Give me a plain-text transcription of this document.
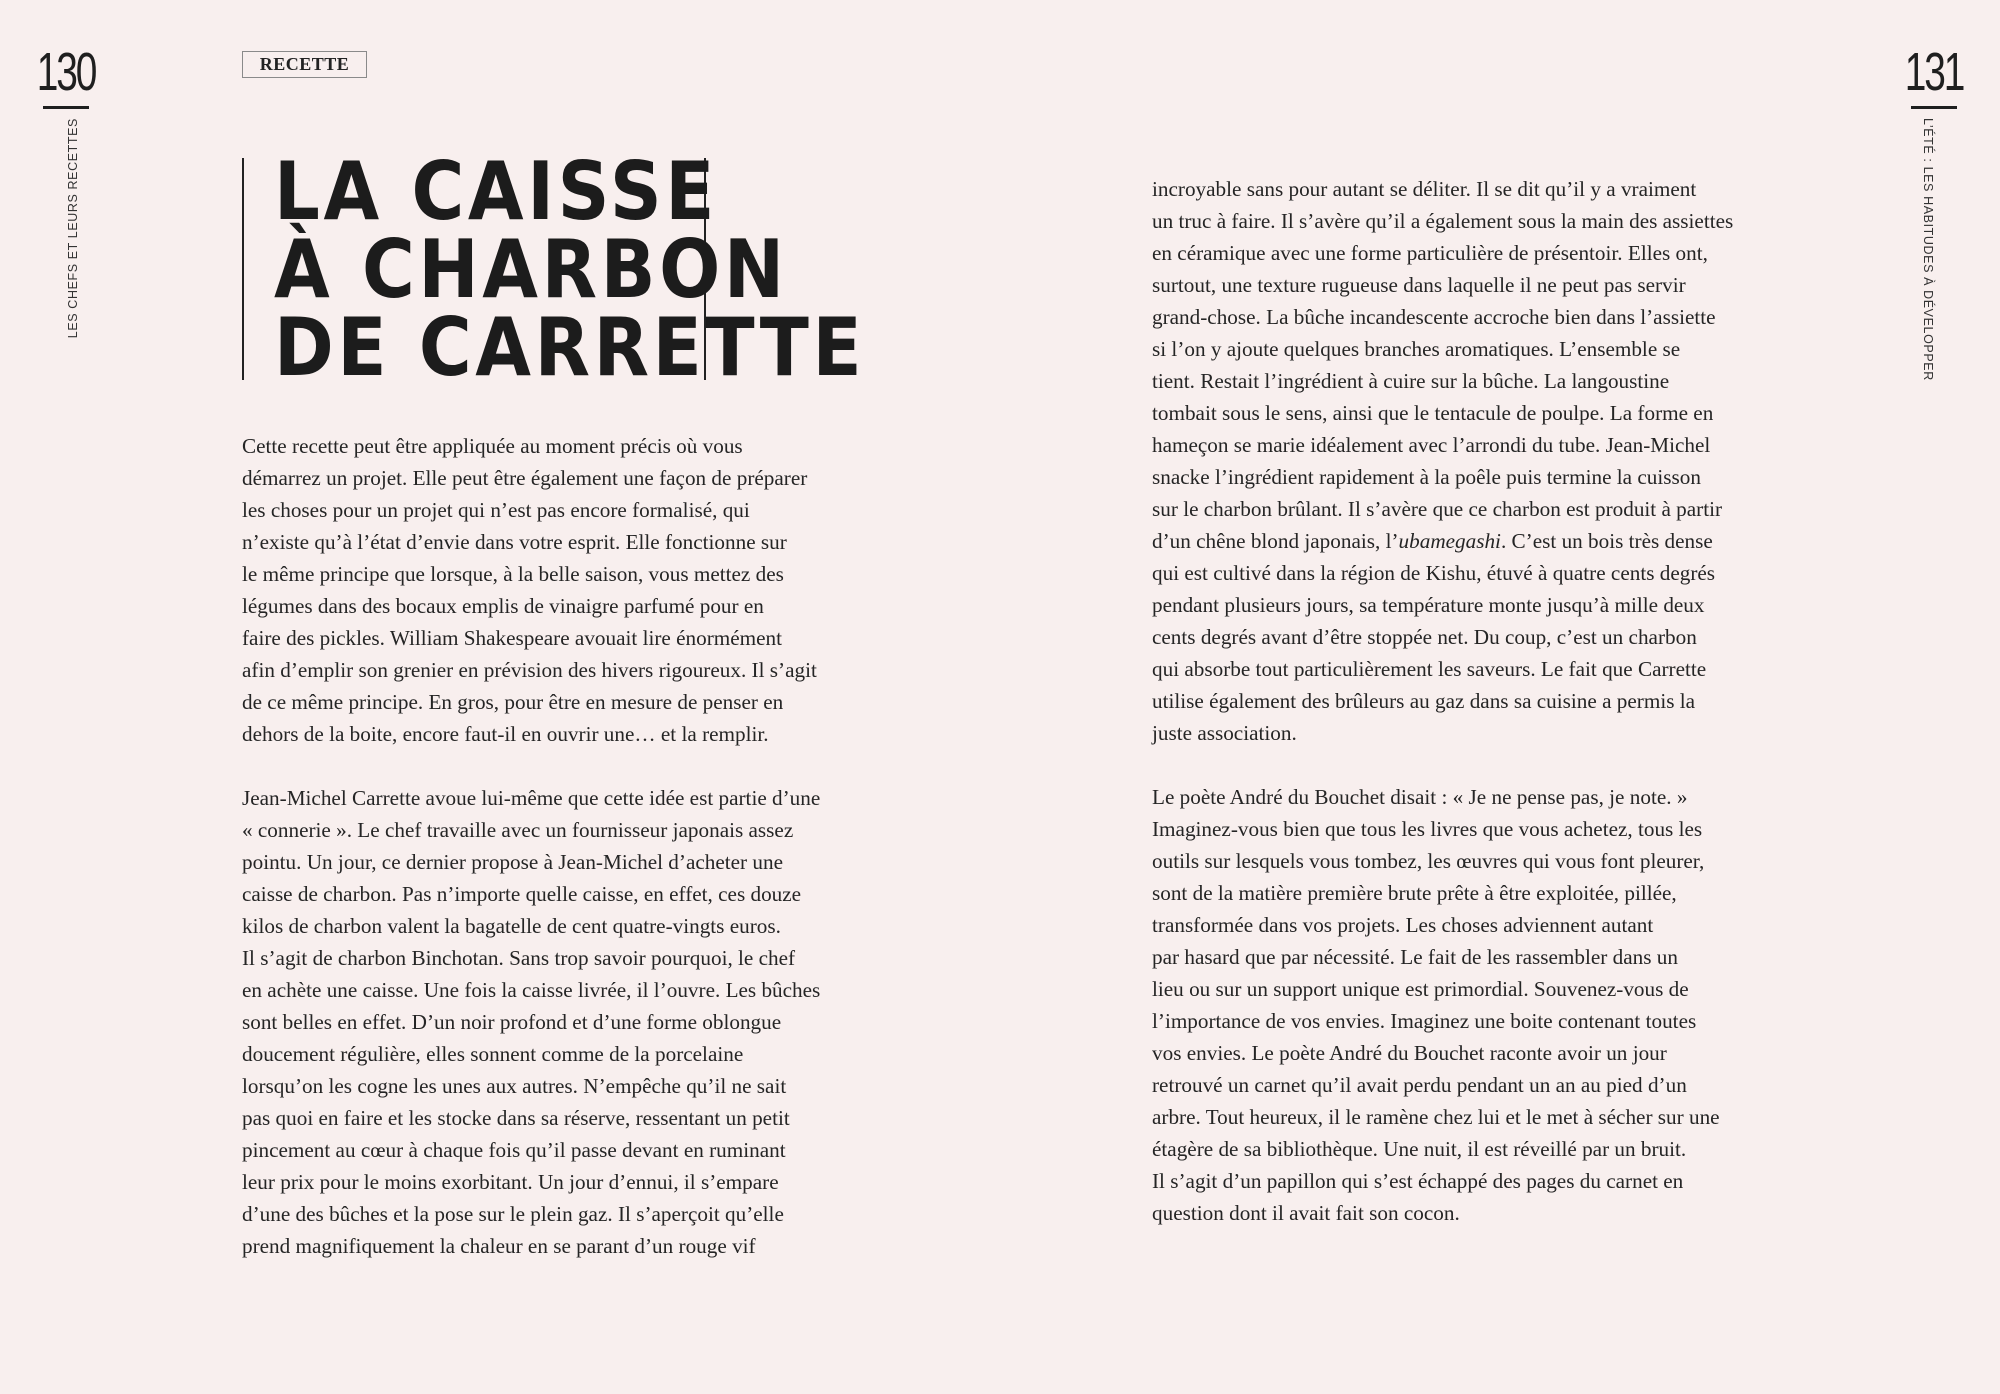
130
LES CHEFS ET LEURS RECETTES
RECETTE
LA CAISSE
À CHARBON
DE CARRETTE
Cette recette peut être appliquée au moment précis où vous
démarrez un projet. Elle peut être également une façon de préparer
les choses pour un projet qui n’est pas encore formalisé, qui
n’existe qu’à l’état d’envie dans votre esprit. Elle fonctionne sur
le même principe que lorsque, à la belle saison, vous mettez des
légumes dans des bocaux emplis de vinaigre parfumé pour en
faire des pickles. William Shakespeare avouait lire énormément
afin d’emplir son grenier en prévision des hivers rigoureux. Il s’agit
de ce même principe. En gros, pour être en mesure de penser en
dehors de la boite, encore faut-il en ouvrir une… et la remplir.
Jean-Michel Carrette avoue lui-même que cette idée est partie d’une
« connerie ». Le chef travaille avec un fournisseur japonais assez
pointu. Un jour, ce dernier propose à Jean-Michel d’acheter une
caisse de charbon. Pas n’importe quelle caisse, en effet, ces douze
kilos de charbon valent la bagatelle de cent quatre-vingts euros.
Il s’agit de charbon Binchotan. Sans trop savoir pourquoi, le chef
en achète une caisse. Une fois la caisse livrée, il l’ouvre. Les bûches
sont belles en effet. D’un noir profond et d’une forme oblongue
doucement régulière, elles sonnent comme de la porcelaine
lorsqu’on les cogne les unes aux autres. N’empêche qu’il ne sait
pas quoi en faire et les stocke dans sa réserve, ressentant un petit
pincement au cœur à chaque fois qu’il passe devant en ruminant
leur prix pour le moins exorbitant. Un jour d’ennui, il s’empare
d’une des bûches et la pose sur le plein gaz. Il s’aperçoit qu’elle
prend magnifiquement la chaleur en se parant d’un rouge vif
131
L’ÉTÉ : LES HABITUDES À DÉVELOPPER
incroyable sans pour autant se déliter. Il se dit qu’il y a vraiment
un truc à faire. Il s’avère qu’il a également sous la main des assiettes
en céramique avec une forme particulière de présentoir. Elles ont,
surtout, une texture rugueuse dans laquelle il ne peut pas servir
grand-chose. La bûche incandescente accroche bien dans l’assiette
si l’on y ajoute quelques branches aromatiques. L’ensemble se
tient. Restait l’ingrédient à cuire sur la bûche. La langoustine
tombait sous le sens, ainsi que le tentacule de poulpe. La forme en
hameçon se marie idéalement avec l’arrondi du tube. Jean-Michel
snacke l’ingrédient rapidement à la poêle puis termine la cuisson
sur le charbon brûlant. Il s’avère que ce charbon est produit à partir
d’un chêne blond japonais, l’ubamegashi. C’est un bois très dense
qui est cultivé dans la région de Kishu, étuvé à quatre cents degrés
pendant plusieurs jours, sa température monte jusqu’à mille deux
cents degrés avant d’être stoppée net. Du coup, c’est un charbon
qui absorbe tout particulièrement les saveurs. Le fait que Carrette
utilise également des brûleurs au gaz dans sa cuisine a permis la
juste association.
Le poète André du Bouchet disait : « Je ne pense pas, je note. »
Imaginez-vous bien que tous les livres que vous achetez, tous les
outils sur lesquels vous tombez, les œuvres qui vous font pleurer,
sont de la matière première brute prête à être exploitée, pillée,
transformée dans vos projets. Les choses adviennent autant
par hasard que par nécessité. Le fait de les rassembler dans un
lieu ou sur un support unique est primordial. Souvenez-vous de
l’importance de vos envies. Imaginez une boite contenant toutes
vos envies. Le poète André du Bouchet raconte avoir un jour
retrouvé un carnet qu’il avait perdu pendant un an au pied d’un
arbre. Tout heureux, il le ramène chez lui et le met à sécher sur une
étagère de sa bibliothèque. Une nuit, il est réveillé par un bruit.
Il s’agit d’un papillon qui s’est échappé des pages du carnet en
question dont il avait fait son cocon.
